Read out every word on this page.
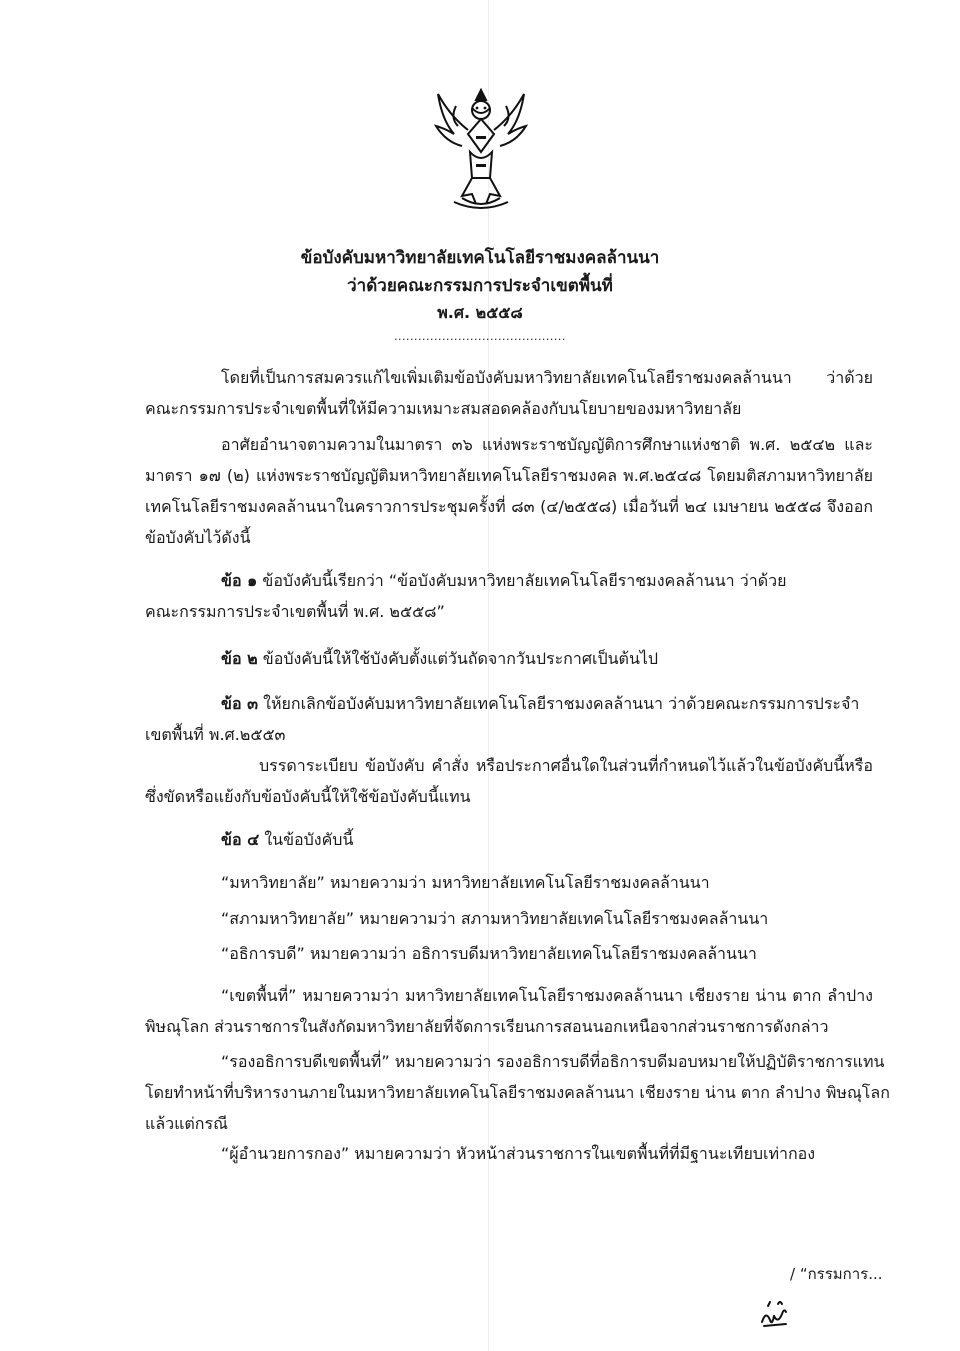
ข้อบังคับมหาวิทยาลัยเทคโนโลยีราชมงคลล้านนา
ว่าด้วยคณะกรรมการประจำเขตพื้นที่
พ.ศ. ๒๕๕๘
...........................................
โดยที่เป็นการสมควรแก้ไขเพิ่มเติมข้อบังคับมหาวิทยาลัยเทคโนโลยีราชมงคลล้านนา ว่าด้วย
คณะกรรมการประจำเขตพื้นที่ให้มีความเหมาะสมสอดคล้องกับนโยบายของมหาวิทยาลัย
อาศัยอำนาจตามความในมาตรา ๓๖ แห่งพระราชบัญญัติการศึกษาแห่งชาติ พ.ศ. ๒๕๔๒ และ
มาตรา ๑๗ (๒) แห่งพระราชบัญญัติมหาวิทยาลัยเทคโนโลยีราชมงคล พ.ศ.๒๕๔๘ โดยมติสภามหาวิทยาลัย
เทคโนโลยีราชมงคลล้านนาในคราวการประชุมครั้งที่ ๘๓ (๔/๒๕๕๘) เมื่อวันที่ ๒๔ เมษายน ๒๕๕๘ จึงออก
ข้อบังคับไว้ดังนี้
ข้อ ๑ ข้อบังคับนี้เรียกว่า “ข้อบังคับมหาวิทยาลัยเทคโนโลยีราชมงคลล้านนา ว่าด้วย
คณะกรรมการประจำเขตพื้นที่ พ.ศ. ๒๕๕๘”
ข้อ ๒ ข้อบังคับนี้ให้ใช้บังคับตั้งแต่วันถัดจากวันประกาศเป็นต้นไป
ข้อ ๓ ให้ยกเลิกข้อบังคับมหาวิทยาลัยเทคโนโลยีราชมงคลล้านนา ว่าด้วยคณะกรรมการประจำ
เขตพื้นที่ พ.ศ.๒๕๕๓
บรรดาระเบียบ ข้อบังคับ คำสั่ง หรือประกาศอื่นใดในส่วนที่กำหนดไว้แล้วในข้อบังคับนี้หรือ
ซึ่งขัดหรือแย้งกับข้อบังคับนี้ให้ใช้ข้อบังคับนี้แทน
ข้อ ๔ ในข้อบังคับนี้
“มหาวิทยาลัย” หมายความว่า มหาวิทยาลัยเทคโนโลยีราชมงคลล้านนา
“สภามหาวิทยาลัย” หมายความว่า สภามหาวิทยาลัยเทคโนโลยีราชมงคลล้านนา
“อธิการบดี” หมายความว่า อธิการบดีมหาวิทยาลัยเทคโนโลยีราชมงคลล้านนา
“เขตพื้นที่” หมายความว่า มหาวิทยาลัยเทคโนโลยีราชมงคลล้านนา เชียงราย น่าน ตาก ลำปาง
พิษณุโลก ส่วนราชการในสังกัดมหาวิทยาลัยที่จัดการเรียนการสอนนอกเหนือจากส่วนราชการดังกล่าว
“รองอธิการบดีเขตพื้นที่” หมายความว่า รองอธิการบดีที่อธิการบดีมอบหมายให้ปฏิบัติราชการแทน
โดยทำหน้าที่บริหารงานภายในมหาวิทยาลัยเทคโนโลยีราชมงคลล้านนา เชียงราย น่าน ตาก ลำปาง พิษณุโลก
แล้วแต่กรณี
“ผู้อำนวยการกอง” หมายความว่า หัวหน้าส่วนราชการในเขตพื้นที่ที่มีฐานะเทียบเท่ากอง
/ “กรรมการ...
